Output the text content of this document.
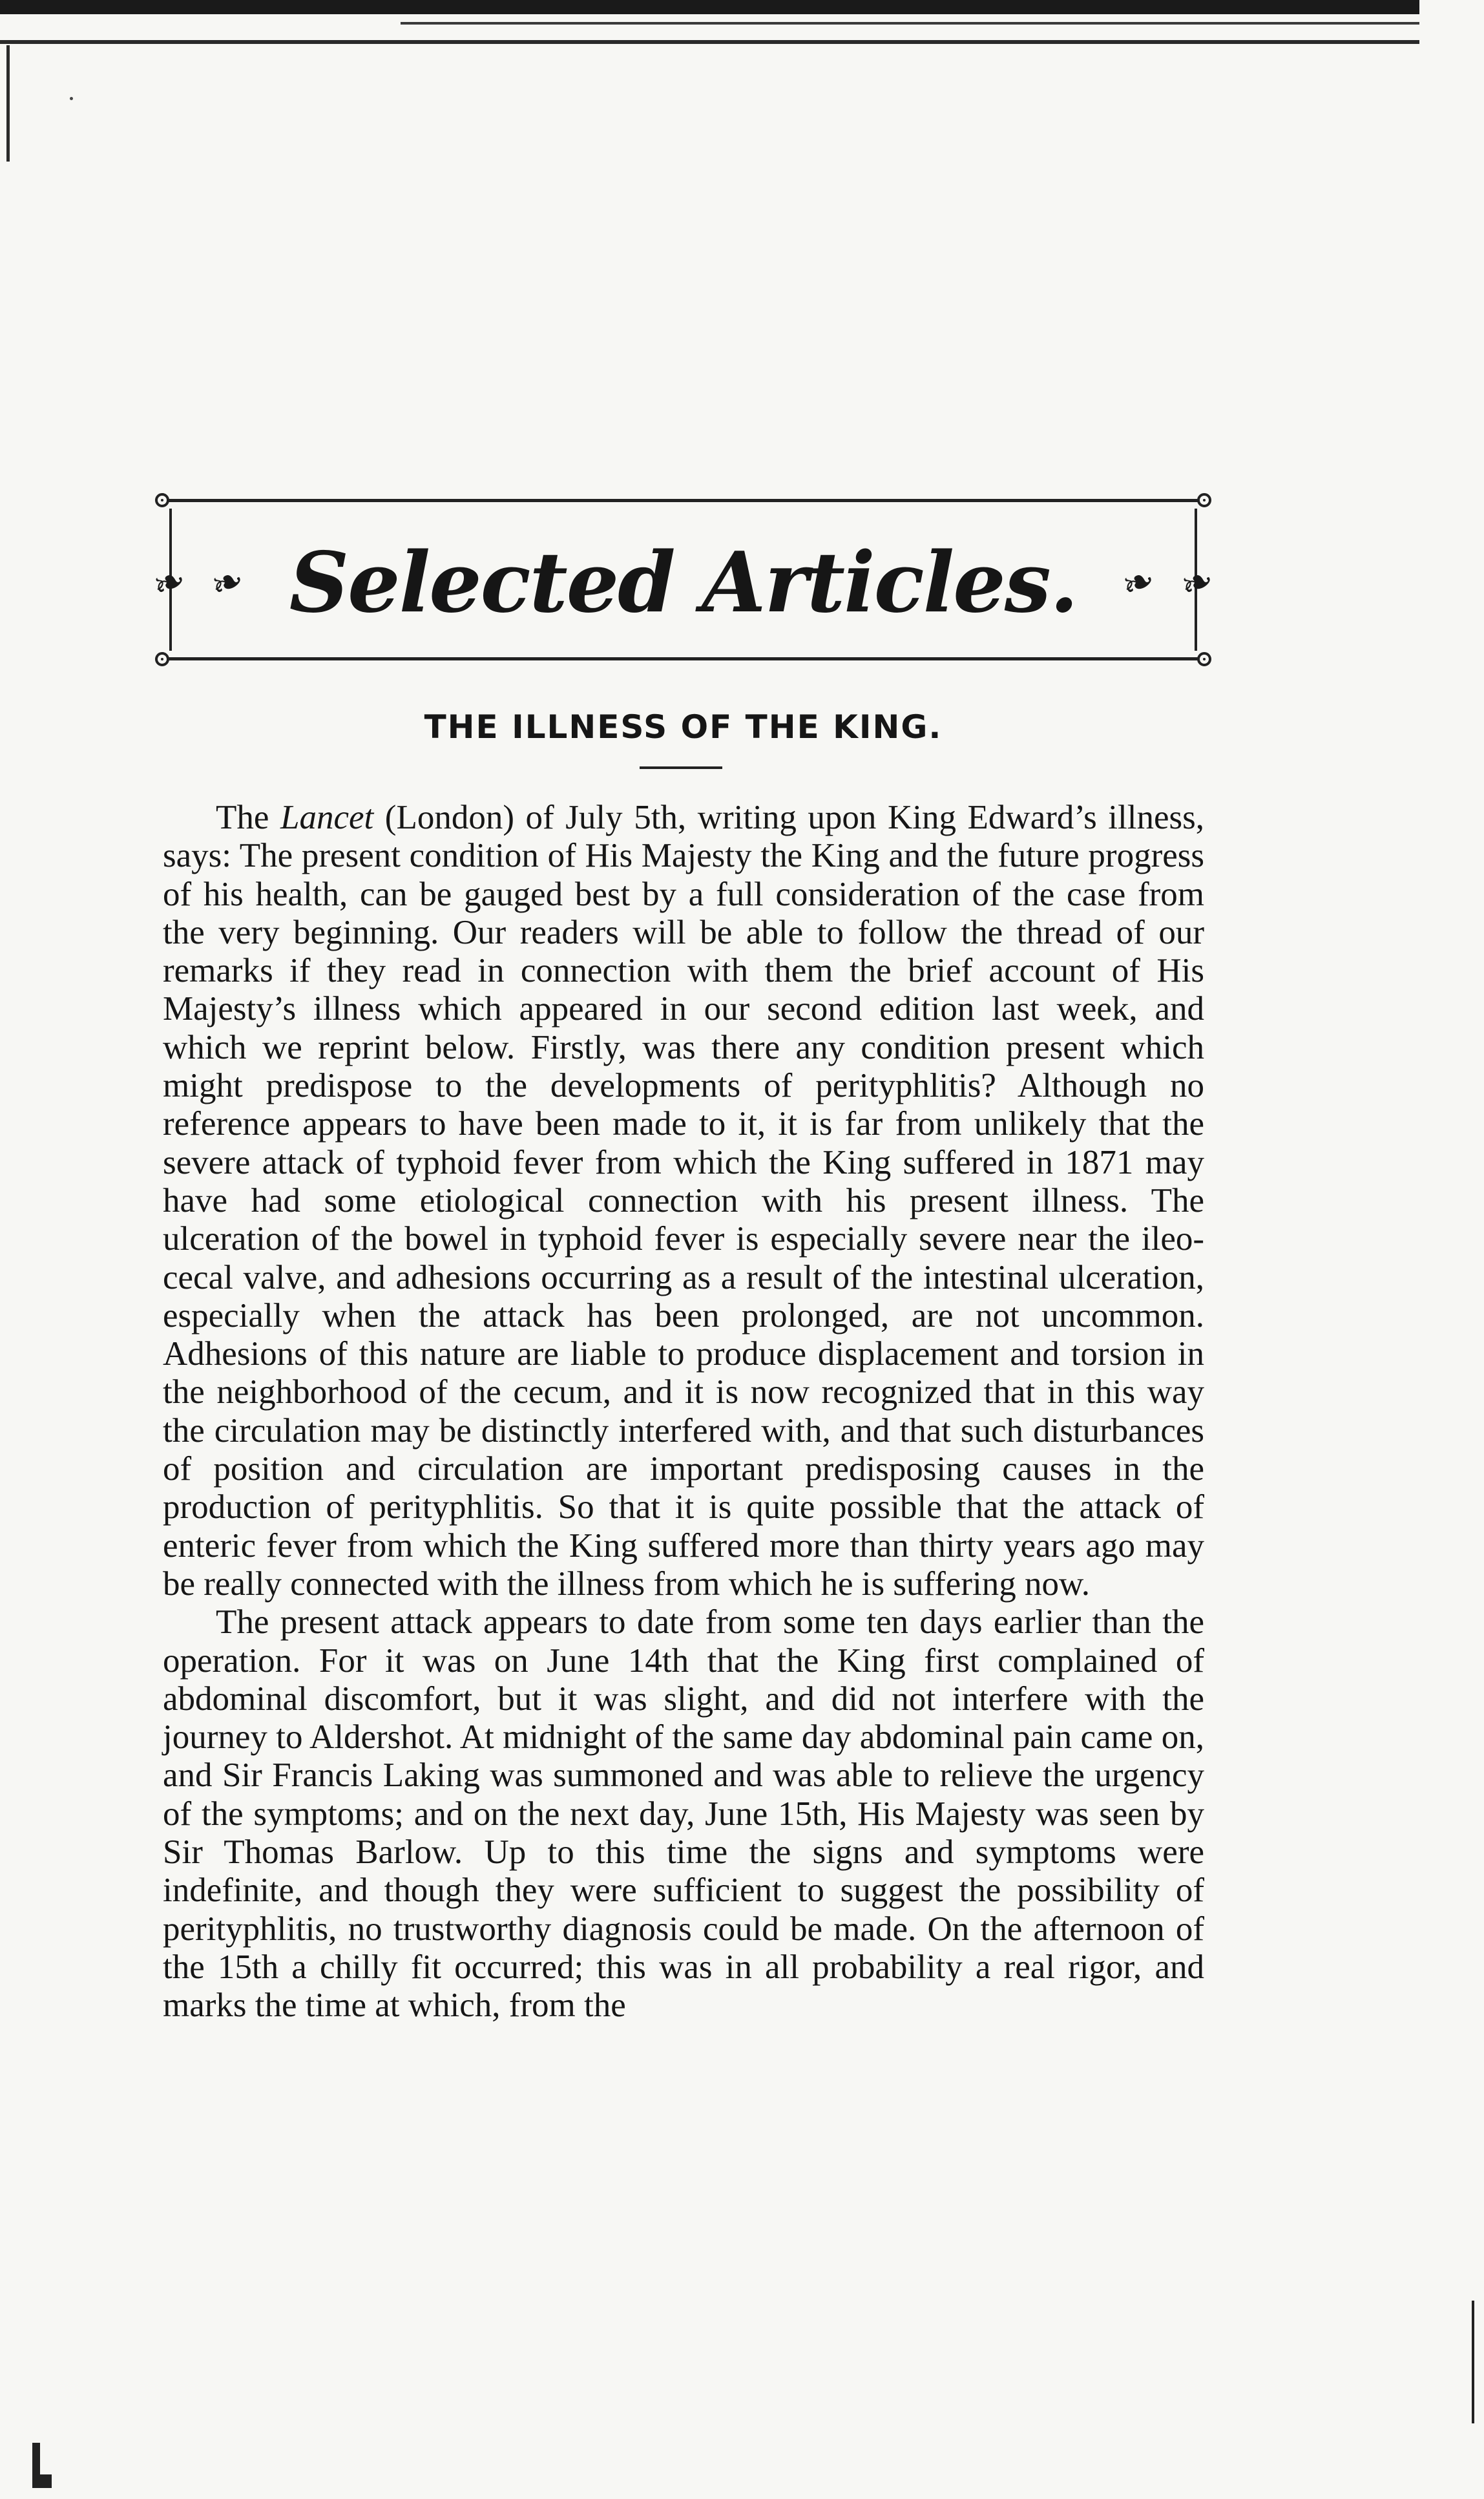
❧ ❧ Selected Articles. ❧ ❧
THE ILLNESS OF THE KING.

The Lancet (London) of July 5th, writing upon King Edward’s illness, says: The present condition of His Majesty the King and the future progress of his health, can be gauged best by a full consideration of the case from the very beginning. Our readers will be able to follow the thread of our remarks if they read in connection with them the brief account of His Majesty’s illness which appeared in our second edition last week, and which we reprint below. Firstly, was there any condition present which might predispose to the developments of perityphlitis? Although no reference appears to have been made to it, it is far from unlikely that the severe attack of typhoid fever from which the King suffered in 1871 may have had some etiological connection with his present illness. The ulceration of the bowel in typhoid fever is especially severe near the ileo-cecal valve, and adhesions occurring as a result of the intestinal ulceration, especially when the attack has been prolonged, are not uncommon. Adhesions of this nature are liable to produce displacement and torsion in the neighborhood of the cecum, and it is now recognized that in this way the circulation may be distinctly interfered with, and that such disturbances of position and circulation are important predisposing causes in the production of perityphlitis. So that it is quite possible that the attack of enteric fever from which the King suffered more than thirty years ago may be really connected with the illness from which he is suffering now.

The present attack appears to date from some ten days earlier than the operation. For it was on June 14th that the King first complained of abdominal discomfort, but it was slight, and did not interfere with the journey to Aldershot. At midnight of the same day abdominal pain came on, and Sir Francis Laking was summoned and was able to relieve the urgency of the symptoms; and on the next day, June 15th, His Majesty was seen by Sir Thomas Barlow. Up to this time the signs and symptoms were indefinite, and though they were sufficient to suggest the possibility of perityphlitis, no trustworthy diagnosis could be made. On the afternoon of the 15th a chilly fit occurred; this was in all probability a real rigor, and marks the time at which, from the
